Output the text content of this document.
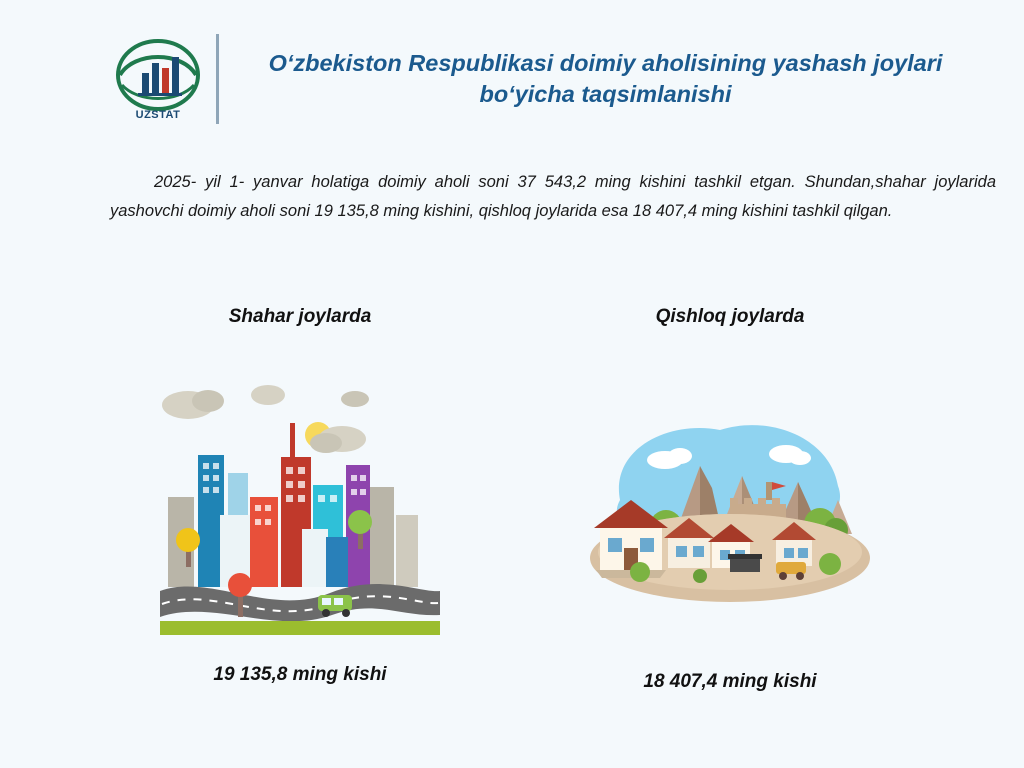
UZSTAT
O‘zbekiston Respublikasi doimiy aholisining yashash joylari bo‘yicha taqsimlanishi
2025- yil 1- yanvar holatiga doimiy aholi soni 37 543,2 ming kishini tashkil etgan. Shundan,shahar joylarida yashovchi doimiy aholi soni 19 135,8 ming kishini, qishloq joylarida esa 18 407,4 ming kishini tashkil qilgan.
Shahar joylarda
19 135,8 ming kishi
Qishloq joylarda
18 407,4 ming kishi
